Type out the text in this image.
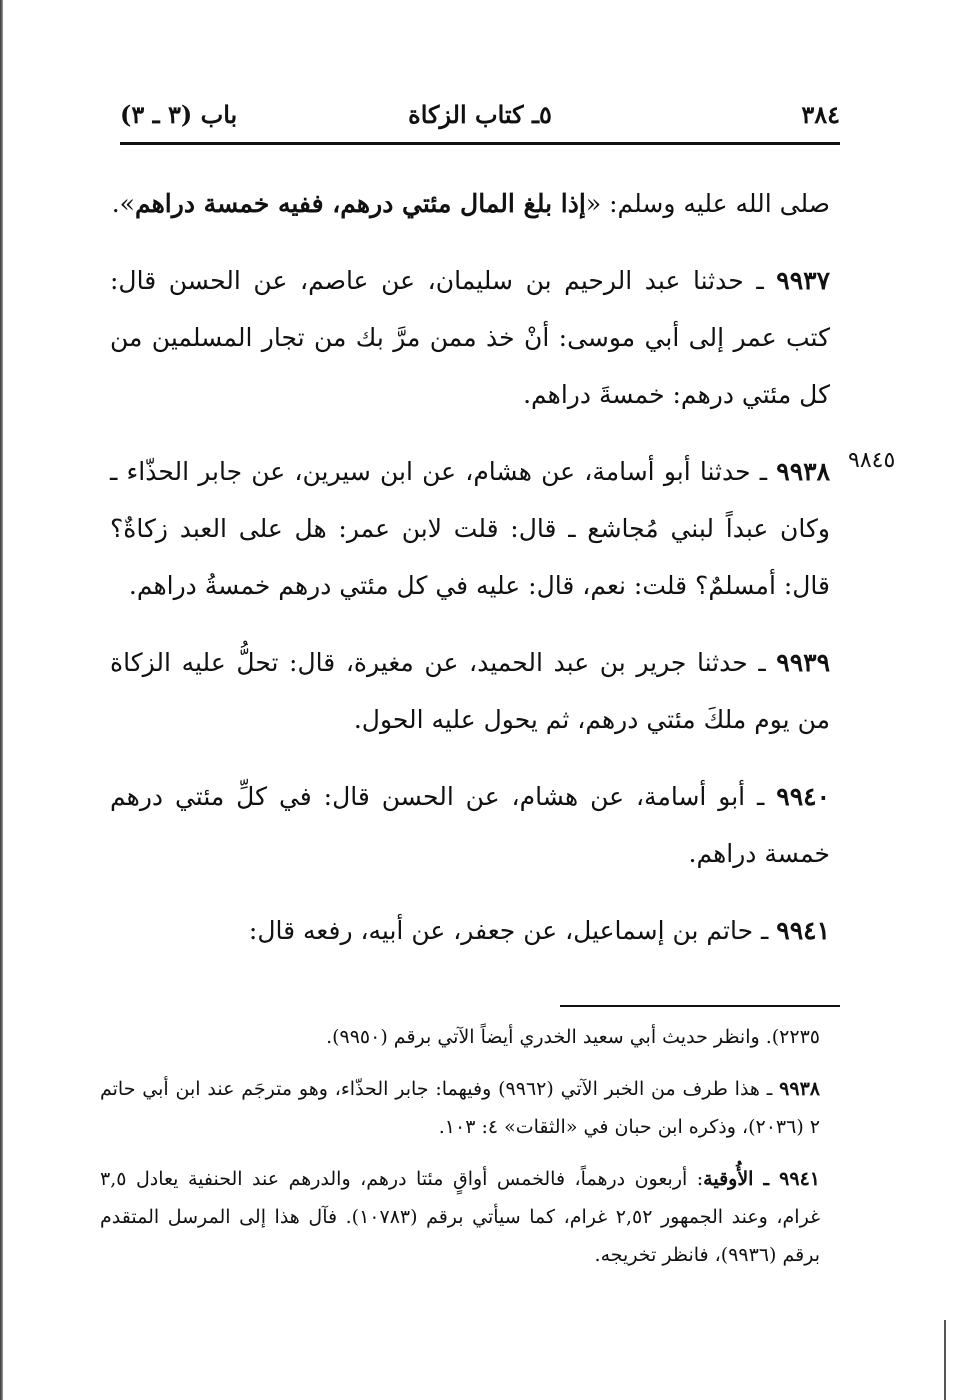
٣٨٤
٥ـ كتاب الزكاة
باب (٣ ـ ٣)
٩٨٤٥

صلى الله عليه وسلم: «إذا بلغ المال مئتي درهم، ففيه خمسة دراهم».

٩٩٣٧ ـ حدثنا عبد الرحيم بن سليمان، عن عاصم، عن الحسن قال: كتب عمر إلى أبي موسى: أنْ خذ ممن مرَّ بك من تجار المسلمين من كل مئتي درهم: خمسةَ دراهم.

٩٩٣٨ ـ حدثنا أبو أسامة، عن هشام، عن ابن سيرين، عن جابر الحذّاء ـ وكان عبداً لبني مُجاشع ـ قال: قلت لابن عمر: هل على العبد زكاةٌ؟ قال: أمسلمٌ؟ قلت: نعم، قال: عليه في كل مئتي درهم خمسةُ دراهم.

٩٩٣٩ ـ حدثنا جرير بن عبد الحميد، عن مغيرة، قال: تحلُّ عليه الزكاة من يوم ملكَ مئتي درهم، ثم يحول عليه الحول.

٩٩٤٠ ـ أبو أسامة، عن هشام، عن الحسن قال: في كلِّ مئتي درهم خمسة دراهم.

٩٩٤١ ـ حاتم بن إسماعيل، عن جعفر، عن أبيه، رفعه قال:

٢٢٣٥). وانظر حديث أبي سعيد الخدري أيضاً الآتي برقم (٩٩٥٠).

٩٩٣٨ ـ هذا طرف من الخبر الآتي (٩٩٦٢) وفيهما: جابر الحذّاء، وهو مترجَم عند ابن أبي حاتم ٢ (٢٠٣٦)، وذكره ابن حبان في «الثقات» ٤: ١٠٣.

٩٩٤١ ـ الأُوقية: أربعون درهماً، فالخمس أواقٍ مئتا درهم، والدرهم عند الحنفية يعادل ٣,٥ غرام، وعند الجمهور ٢,٥٢ غرام، كما سيأتي برقم (١٠٧٨٣). فآل هذا إلى المرسل المتقدم برقم (٩٩٣٦)، فانظر تخريجه.
